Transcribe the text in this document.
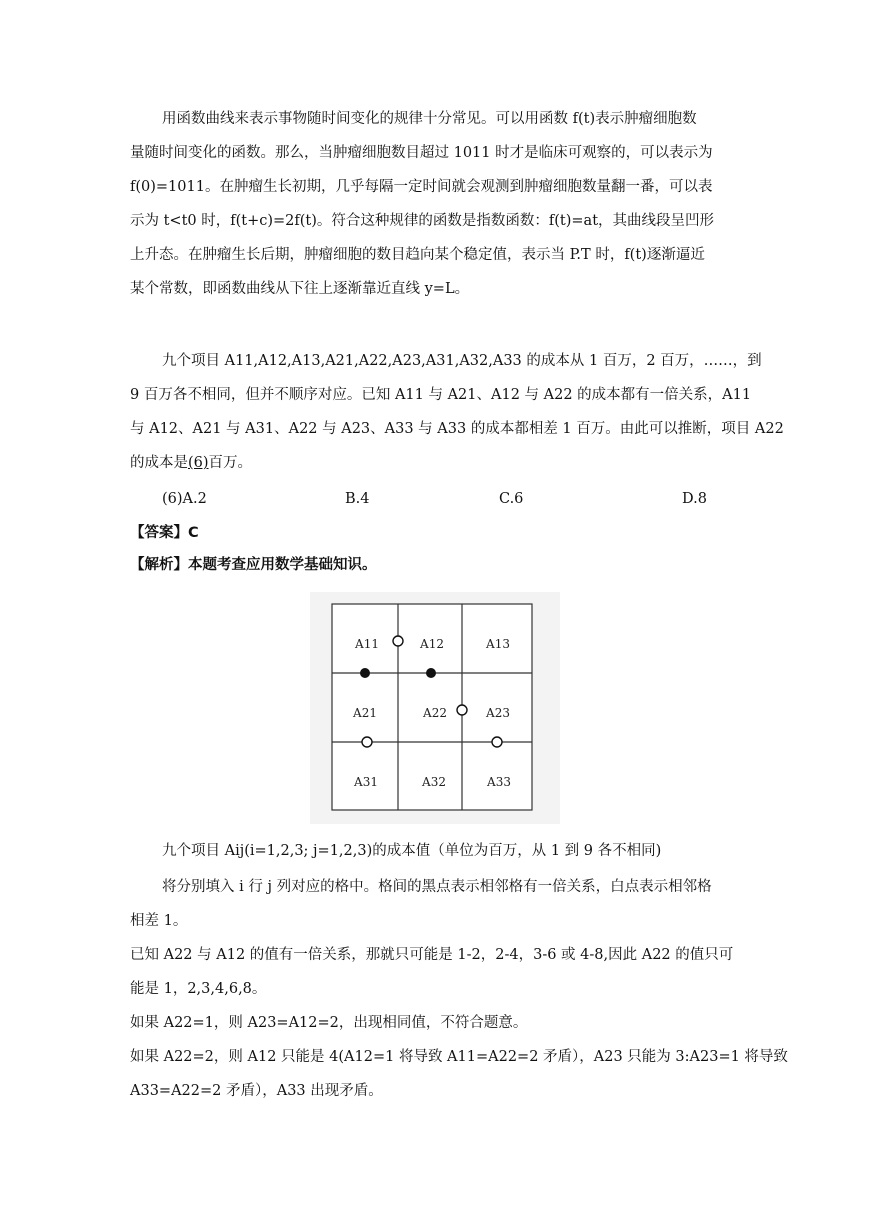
用函数曲线来表示事物随时间变化的规律十分常见。可以用函数 f(t)表示肿瘤细胞数

量随时间变化的函数。那么，当肿瘤细胞数目超过 1011 时才是临床可观察的，可以表示为

f(0)=1011。在肿瘤生长初期，几乎每隔一定时间就会观测到肿瘤细胞数量翻一番，可以表

示为 t<t0 时，f(t+c)=2f(t)。符合这种规律的函数是指数函数：f(t)=at，其曲线段呈凹形

上升态。在肿瘤生长后期，肿瘤细胞的数目趋向某个稳定值，表示当 P.T 时，f(t)逐渐逼近

某个常数，即函数曲线从下往上逐渐靠近直线 y=L。

九个项目 A11,A12,A13,A21,A22,A23,A31,A32,A33 的成本从 1 百万，2 百万，……，到

9 百万各不相同，但并不顺序对应。已知 A11 与 A21、A12 与 A22 的成本都有一倍关系，A11

与 A12、A21 与 A31、A22 与 A23、A33 与 A33 的成本都相差 1 百万。由此可以推断，项目 A22

的成本是(6)百万。

(6)A.2	B.4	C.6	D.8
【答案】C
【解析】本题考查应用数学基础知识。
A11	A12	A13
A21	A22	A23
A31	A32	A33
九个项目 Aij(i=1,2,3; j=1,2,3)的成本值（单位为百万，从 1 到 9 各不相同)
将分别填入 i 行 j 列对应的格中。格间的黑点表示相邻格有一倍关系，白点表示相邻格
相差 1。
已知 A22 与 A12 的值有一倍关系，那就只可能是 1-2，2-4，3-6 或 4-8,因此 A22 的值只可
能是 1，2,3,4,6,8。
如果 A22=1，则 A23=A12=2，出现相同值，不符合题意。
如果 A22=2，则 A12 只能是 4(A12=1 将导致 A11=A22=2 矛盾），A23 只能为 3:A23=1 将导致
A33=A22=2 矛盾），A33 出现矛盾。
